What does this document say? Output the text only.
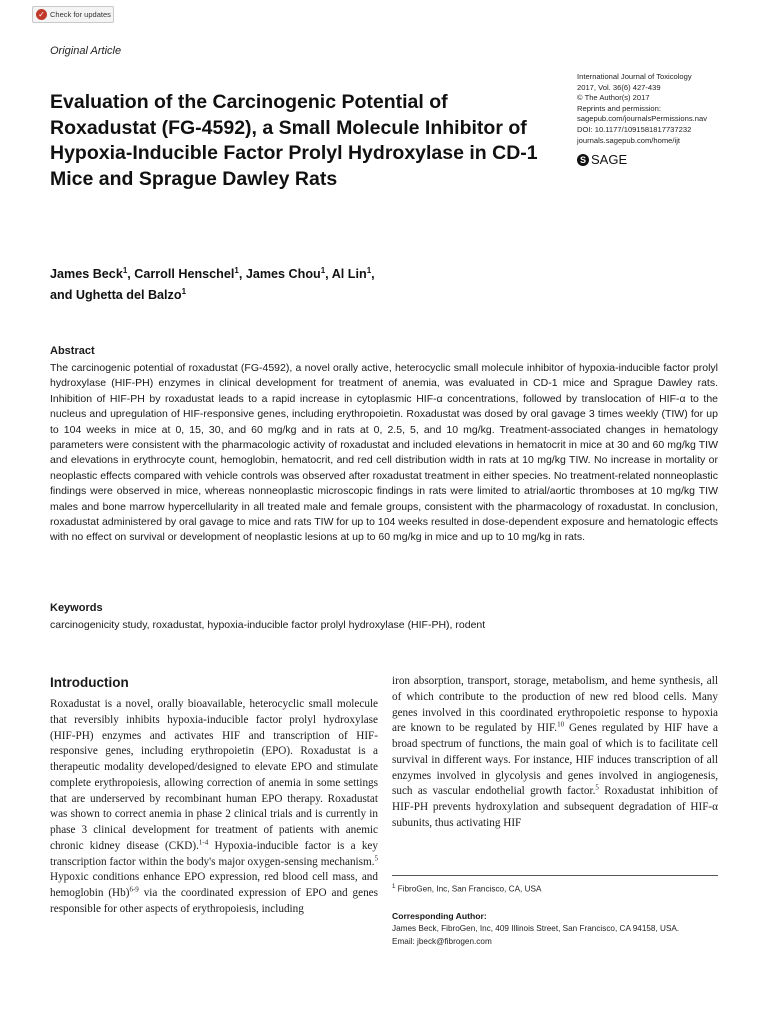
✓ Check for updates
Original Article
International Journal of Toxicology
2017, Vol. 36(6) 427-439
© The Author(s) 2017
Reprints and permission:
sagepub.com/journalsPermissions.nav
DOI: 10.1177/1091581817737232
journals.sagepub.com/home/ijt
S SAGE
Evaluation of the Carcinogenic Potential of Roxadustat (FG-4592), a Small Molecule Inhibitor of Hypoxia-Inducible Factor Prolyl Hydroxylase in CD-1 Mice and Sprague Dawley Rats
James Beck$^1$, Carroll Henschel$^1$, James Chou$^1$, Al Lin$^1$,
and Ughetta del Balzo$^1$
Abstract
The carcinogenic potential of roxadustat (FG-4592), a novel orally active, heterocyclic small molecule inhibitor of hypoxia-inducible factor prolyl hydroxylase (HIF-PH) enzymes in clinical development for treatment of anemia, was evaluated in CD-1 mice and Sprague Dawley rats. Inhibition of HIF-PH by roxadustat leads to a rapid increase in cytoplasmic HIF-α concentrations, followed by translocation of HIF-α to the nucleus and upregulation of HIF-responsive genes, including erythropoietin. Roxadustat was dosed by oral gavage 3 times weekly (TIW) for up to 104 weeks in mice at 0, 15, 30, and 60 mg/kg and in rats at 0, 2.5, 5, and 10 mg/kg. Treatment-associated changes in hematology parameters were consistent with the pharmacologic activity of roxadustat and included elevations in hematocrit in mice at 30 and 60 mg/kg TIW and elevations in erythrocyte count, hemoglobin, hematocrit, and red cell distribution width in rats at 10 mg/kg TIW. No increase in mortality or neoplastic effects compared with vehicle controls was observed after roxadustat treatment in either species. No treatment-related nonneoplastic findings were observed in mice, whereas nonneoplastic microscopic findings in rats were limited to atrial/aortic thromboses at 10 mg/kg TIW males and bone marrow hypercellularity in all treated male and female groups, consistent with the pharmacology of roxadustat. In conclusion, roxadustat administered by oral gavage to mice and rats TIW for up to 104 weeks resulted in dose-dependent exposure and hematologic effects with no effect on survival or development of neoplastic lesions at up to 60 mg/kg in mice and up to 10 mg/kg in rats.
Keywords
carcinogenicity study, roxadustat, hypoxia-inducible factor prolyl hydroxylase (HIF-PH), rodent
Introduction
Roxadustat is a novel, orally bioavailable, heterocyclic small molecule that reversibly inhibits hypoxia-inducible factor prolyl hydroxylase (HIF-PH) enzymes and activates HIF and transcription of HIF-responsive genes, including erythropoietin (EPO). Roxadustat is a therapeutic modality developed/designed to elevate EPO and stimulate complete erythropoiesis, allowing correction of anemia in some settings that are underserved by recombinant human EPO therapy. Roxadustat was shown to correct anemia in phase 2 clinical trials and is currently in phase 3 clinical development for treatment of patients with anemic chronic kidney disease (CKD).$^{1-4}$ Hypoxia-inducible factor is a key transcription factor within the body's major oxygen-sensing mechanism.$^5$ Hypoxic conditions enhance EPO expression, red blood cell mass, and hemoglobin $(Hb)^{6-9}$ via the coordinated expression of EPO and genes responsible for other aspects of erythropoiesis, including
iron absorption, transport, storage, metabolism, and heme synthesis, all of which contribute to the production of new red blood cells. Many genes involved in this coordinated erythropoietic response to hypoxia are known to be regulated by HIF.$^{10}$ Genes regulated by HIF have a broad spectrum of functions, the main goal of which is to facilitate cell survival in different ways. For instance, HIF induces transcription of all enzymes involved in glycolysis and genes involved in angiogenesis, such as vascular endothelial growth factor.$^5$ Roxadustat inhibition of HIF-PH prevents hydroxylation and subsequent degradation of HIF-α subunits, thus activating HIF
$^1$ FibroGen, Inc, San Francisco, CA, USA
Corresponding Author:
James Beck, FibroGen, Inc, 409 Illinois Street, San Francisco, CA 94158, USA.
Email: jbeck@fibrogen.com
